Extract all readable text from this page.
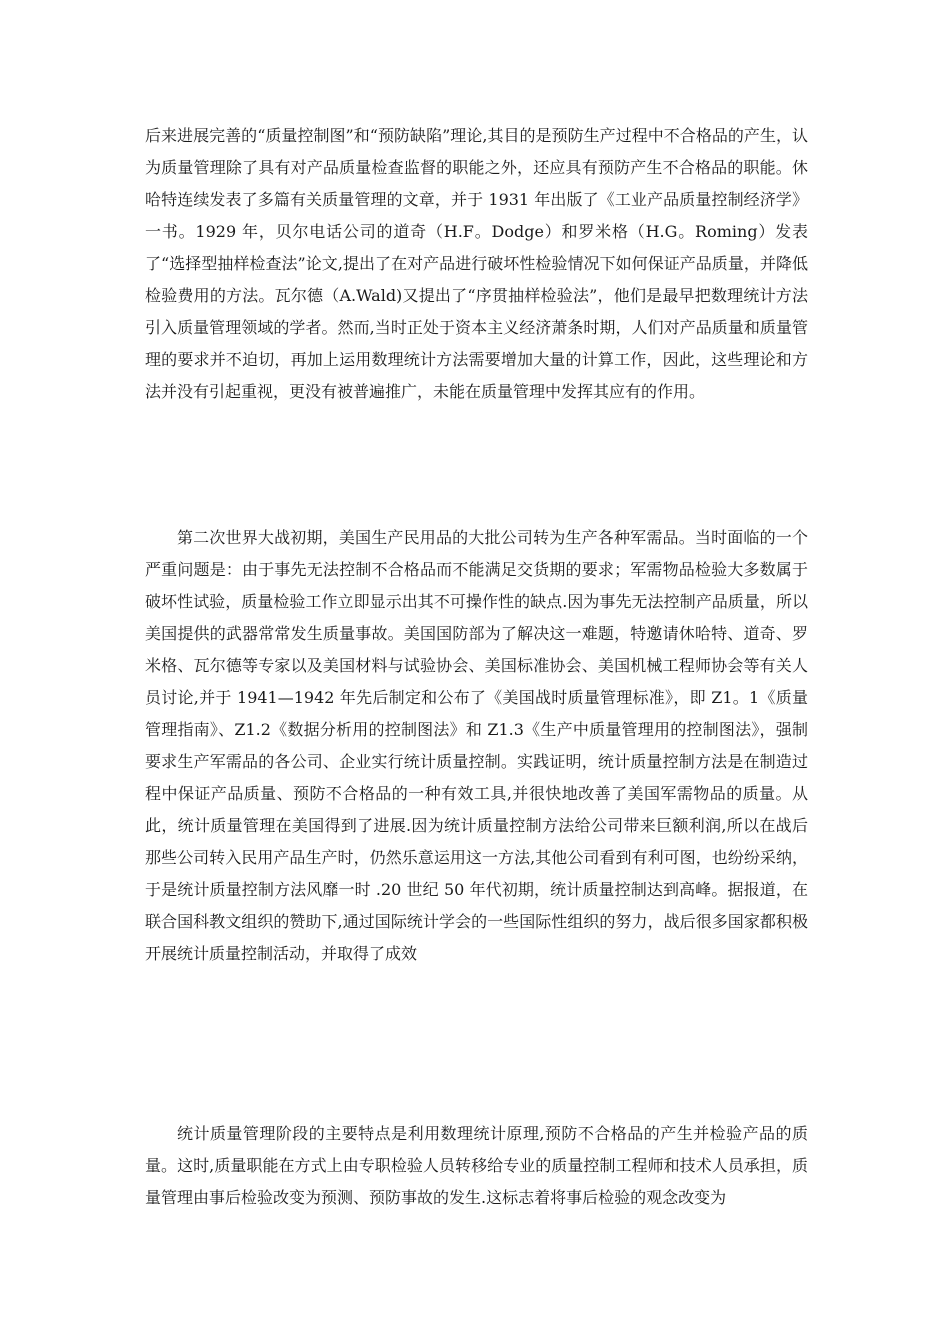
后来进展完善的“质量控制图”和“预防缺陷”理论,其目的是预防生产过程中不合格品的产生，认为质量管理除了具有对产品质量检查监督的职能之外，还应具有预防产生不合格品的职能。休哈特连续发表了多篇有关质量管理的文章，并于 1931 年出版了《工业产品质量控制经济学》一书。1929 年，贝尔电话公司的道奇（H.F。Dodge）和罗米格（H.G。Roming）发表了“选择型抽样检查法”论文,提出了在对产品进行破坏性检验情况下如何保证产品质量，并降低检验费用的方法。瓦尔德（A.Wald)又提出了“序贯抽样检验法”，他们是最早把数理统计方法引入质量管理领域的学者。然而,当时正处于资本主义经济萧条时期，人们对产品质量和质量管理的要求并不迫切，再加上运用数理统计方法需要增加大量的计算工作，因此，这些理论和方法并没有引起重视，更没有被普遍推广，未能在质量管理中发挥其应有的作用。

第二次世界大战初期，美国生产民用品的大批公司转为生产各种军需品。当时面临的一个严重问题是：由于事先无法控制不合格品而不能满足交货期的要求；军需物品检验大多数属于破坏性试验，质量检验工作立即显示出其不可操作性的缺点.因为事先无法控制产品质量，所以美国提供的武器常常发生质量事故。美国国防部为了解决这一难题，特邀请休哈特、道奇、罗米格、瓦尔德等专家以及美国材料与试验协会、美国标准协会、美国机械工程师协会等有关人员讨论,并于 1941—1942 年先后制定和公布了《美国战时质量管理标准》，即 Z1。1《质量管理指南》、Z1.2《数据分析用的控制图法》和 Z1.3《生产中质量管理用的控制图法》，强制要求生产军需品的各公司、企业实行统计质量控制。实践证明，统计质量控制方法是在制造过程中保证产品质量、预防不合格品的一种有效工具,并很快地改善了美国军需物品的质量。从此，统计质量管理在美国得到了进展.因为统计质量控制方法给公司带来巨额利润,所以在战后那些公司转入民用产品生产时，仍然乐意运用这一方法,其他公司看到有利可图，也纷纷采纳，于是统计质量控制方法风靡一时 .20 世纪 50 年代初期，统计质量控制达到高峰。据报道，在联合国科教文组织的赞助下,通过国际统计学会的一些国际性组织的努力，战后很多国家都积极开展统计质量控制活动，并取得了成效

统计质量管理阶段的主要特点是利用数理统计原理,预防不合格品的产生并检验产品的质量。这时,质量职能在方式上由专职检验人员转移给专业的质量控制工程师和技术人员承担，质量管理由事后检验改变为预测、预防事故的发生.这标志着将事后检验的观念改变为
